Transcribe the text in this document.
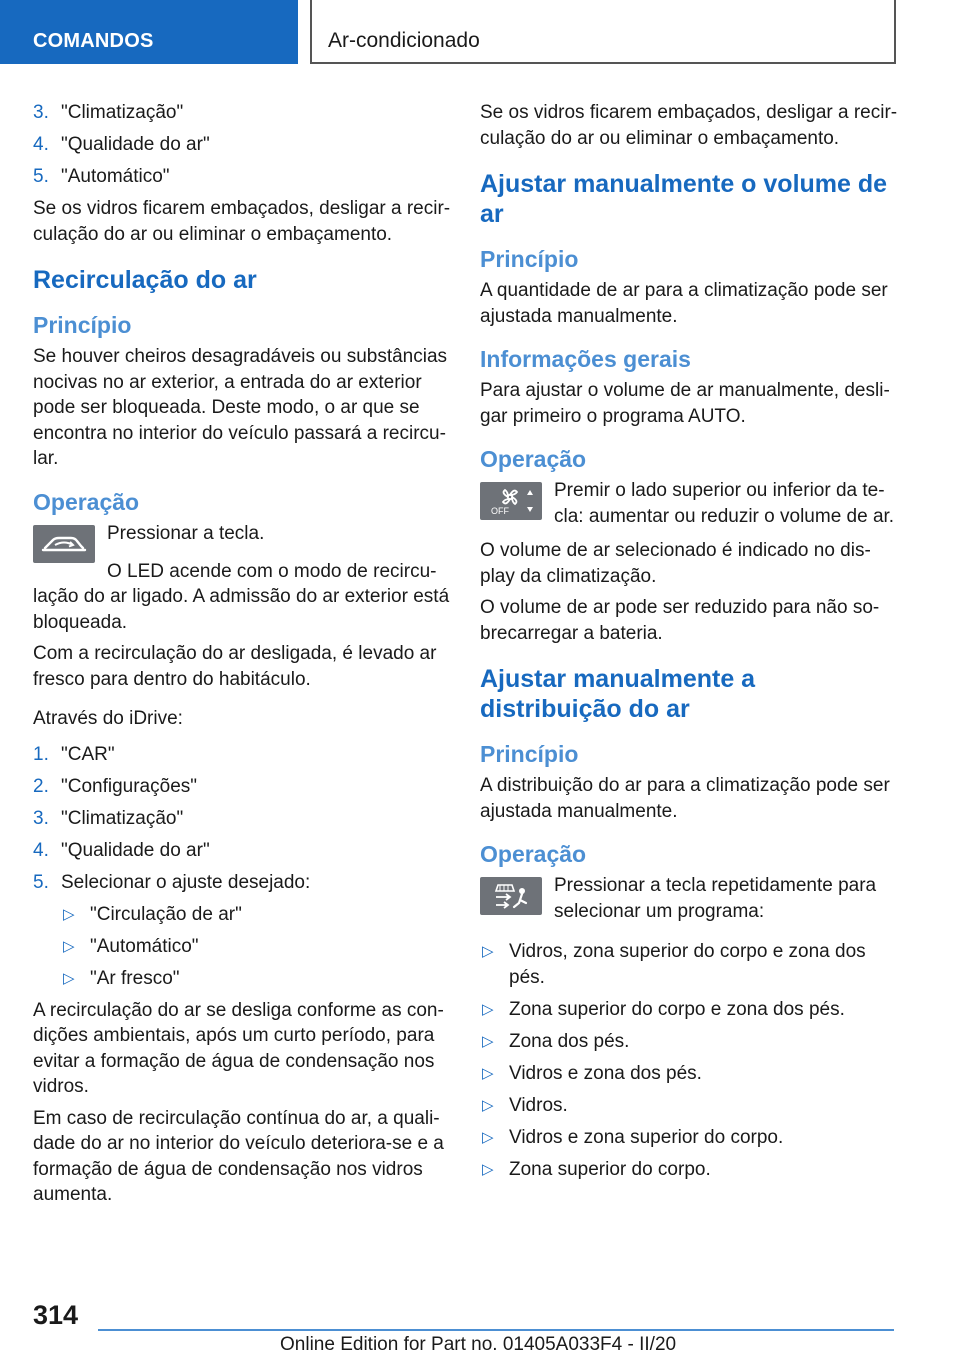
COMANDOS	Ar-condicionado
3. "Climatização"
4. "Qualidade do ar"
5. "Automático"

Se os vidros ficarem embaçados, desligar a recirculação do ar ou eliminar o embaçamento.

Recirculação do ar
Princípio

Se houver cheiros desagradáveis ou substâncias nocivas no ar exterior, a entrada do ar exterior pode ser bloqueada. Deste modo, o ar que se encontra no interior do veículo passará a recircular.

Operação

Pressionar a tecla.

O LED acende com o modo de recirculação do ar ligado. A admissão do ar exterior está bloqueada.

Com a recirculação do ar desligada, é levado ar fresco para dentro do habitáculo.

Através do iDrive:

1. "CAR"
2. "Configurações"
3. "Climatização"
4. "Qualidade do ar"
5. Selecionar o ajuste desejado:
▷ "Circulação de ar"
▷ "Automático"
▷ "Ar fresco"

A recirculação do ar se desliga conforme as condições ambientais, após um curto período, para evitar a formação de água de condensação nos vidros.

Em caso de recirculação contínua do ar, a qualidade do ar no interior do veículo deteriora-se e a formação de água de condensação nos vidros aumenta.

Se os vidros ficarem embaçados, desligar a recirculação do ar ou eliminar o embaçamento.

Ajustar manualmente o volume de ar
Princípio

A quantidade de ar para a climatização pode ser ajustada manualmente.

Informações gerais

Para ajustar o volume de ar manualmente, desligar primeiro o programa AUTO.

Operação
OFF

Premir o lado superior ou inferior da tecla: aumentar ou reduzir o volume de ar.

O volume de ar selecionado é indicado no display da climatização.

O volume de ar pode ser reduzido para não sobrecarregar a bateria.

Ajustar manualmente a distribuição do ar
Princípio

A distribuição do ar para a climatização pode ser ajustada manualmente.

Operação

Pressionar a tecla repetidamente para selecionar um programa:

▷ Vidros, zona superior do corpo e zona dos pés.
▷ Zona superior do corpo e zona dos pés.
▷ Zona dos pés.
▷ Vidros e zona dos pés.
▷ Vidros.
▷ Vidros e zona superior do corpo.
▷ Zona superior do corpo.
314
Online Edition for Part no. 01405A033F4 - II/20
